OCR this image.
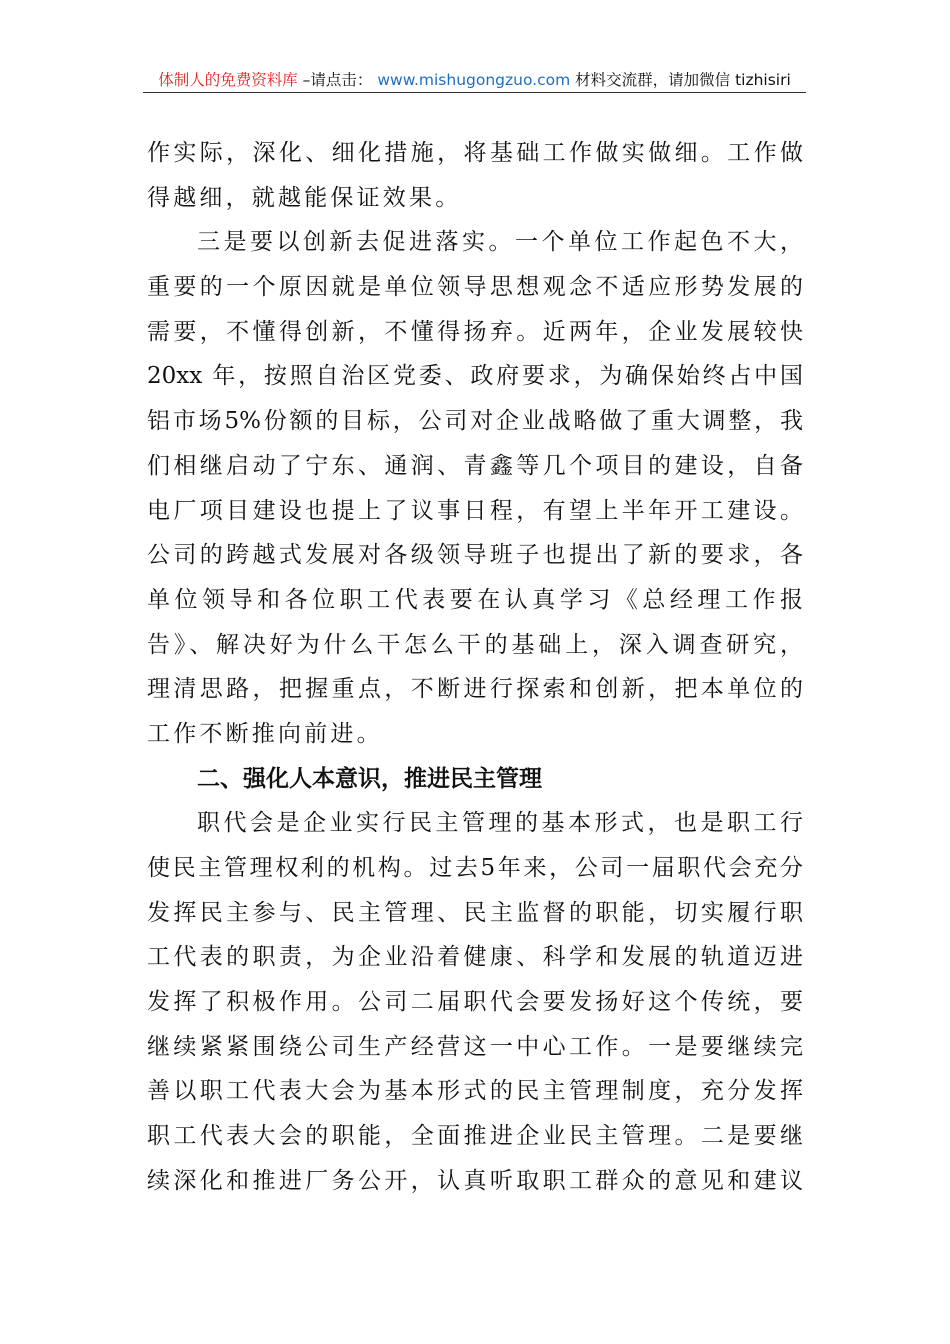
体制人的免费资料库 –请点击： www.mishugongzuo.com 材料交流群，请加微信 tizhisiri
作实际，深化、细化措施，将基础工作做实做细。工作做
得越细，就越能保证效果。
三是要以创新去促进落实。一个单位工作起色不大，
重要的一个原因就是单位领导思想观念不适应形势发展的
需要，不懂得创新，不懂得扬弃。近两年，企业发展较快
20xx 年，按照自治区党委、政府要求，为确保始终占中国
铝市场5%份额的目标，公司对企业战略做了重大调整，我
们相继启动了宁东、通润、青鑫等几个项目的建设，自备
电厂项目建设也提上了议事日程，有望上半年开工建设。
公司的跨越式发展对各级领导班子也提出了新的要求，各
单位领导和各位职工代表要在认真学习《总经理工作报
告》、解决好为什么干怎么干的基础上，深入调查研究，
理清思路，把握重点，不断进行探索和创新，把本单位的
工作不断推向前进。
二、强化人本意识，推进民主管理
职代会是企业实行民主管理的基本形式，也是职工行
使民主管理权利的机构。过去5年来，公司一届职代会充分
发挥民主参与、民主管理、民主监督的职能，切实履行职
工代表的职责，为企业沿着健康、科学和发展的轨道迈进
发挥了积极作用。公司二届职代会要发扬好这个传统，要
继续紧紧围绕公司生产经营这一中心工作。一是要继续完
善以职工代表大会为基本形式的民主管理制度，充分发挥
职工代表大会的职能，全面推进企业民主管理。二是要继
续深化和推进厂务公开，认真听取职工群众的意见和建议
